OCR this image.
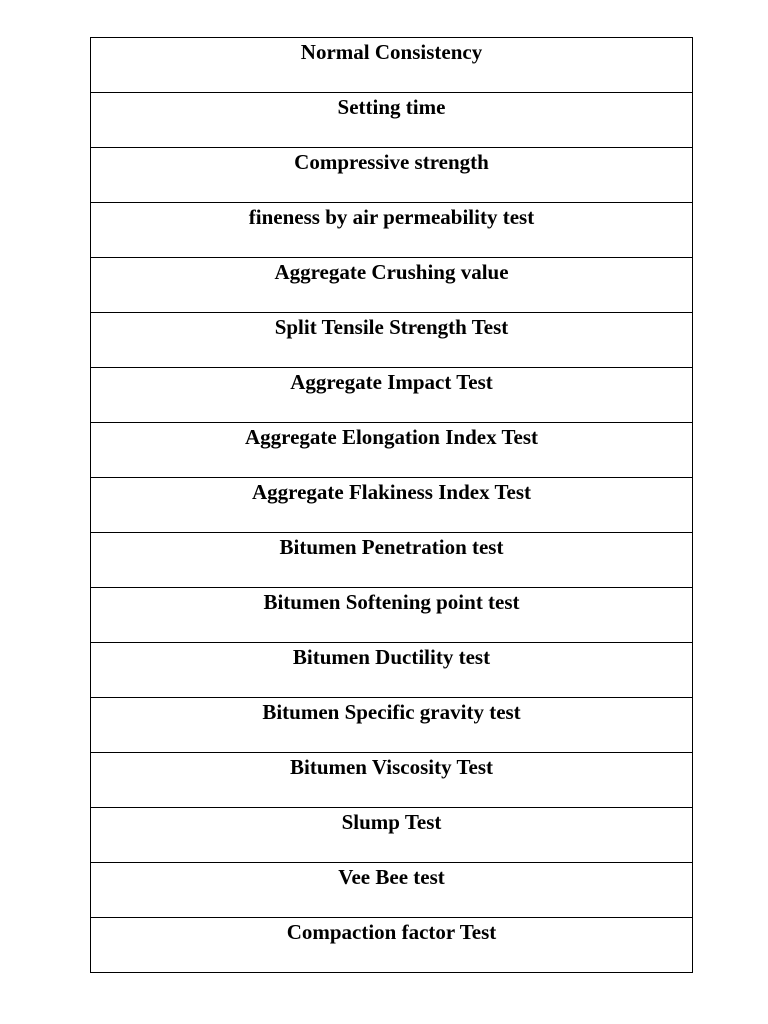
Normal Consistency

Setting time

Compressive strength

fineness by air permeability test

Aggregate Crushing value

Split Tensile Strength Test

Aggregate Impact Test

Aggregate Elongation Index Test

Aggregate Flakiness Index Test

Bitumen Penetration test

Bitumen Softening point test

Bitumen Ductility test

Bitumen Specific gravity test

Bitumen Viscosity Test

Slump Test

Vee Bee test

Compaction factor Test
